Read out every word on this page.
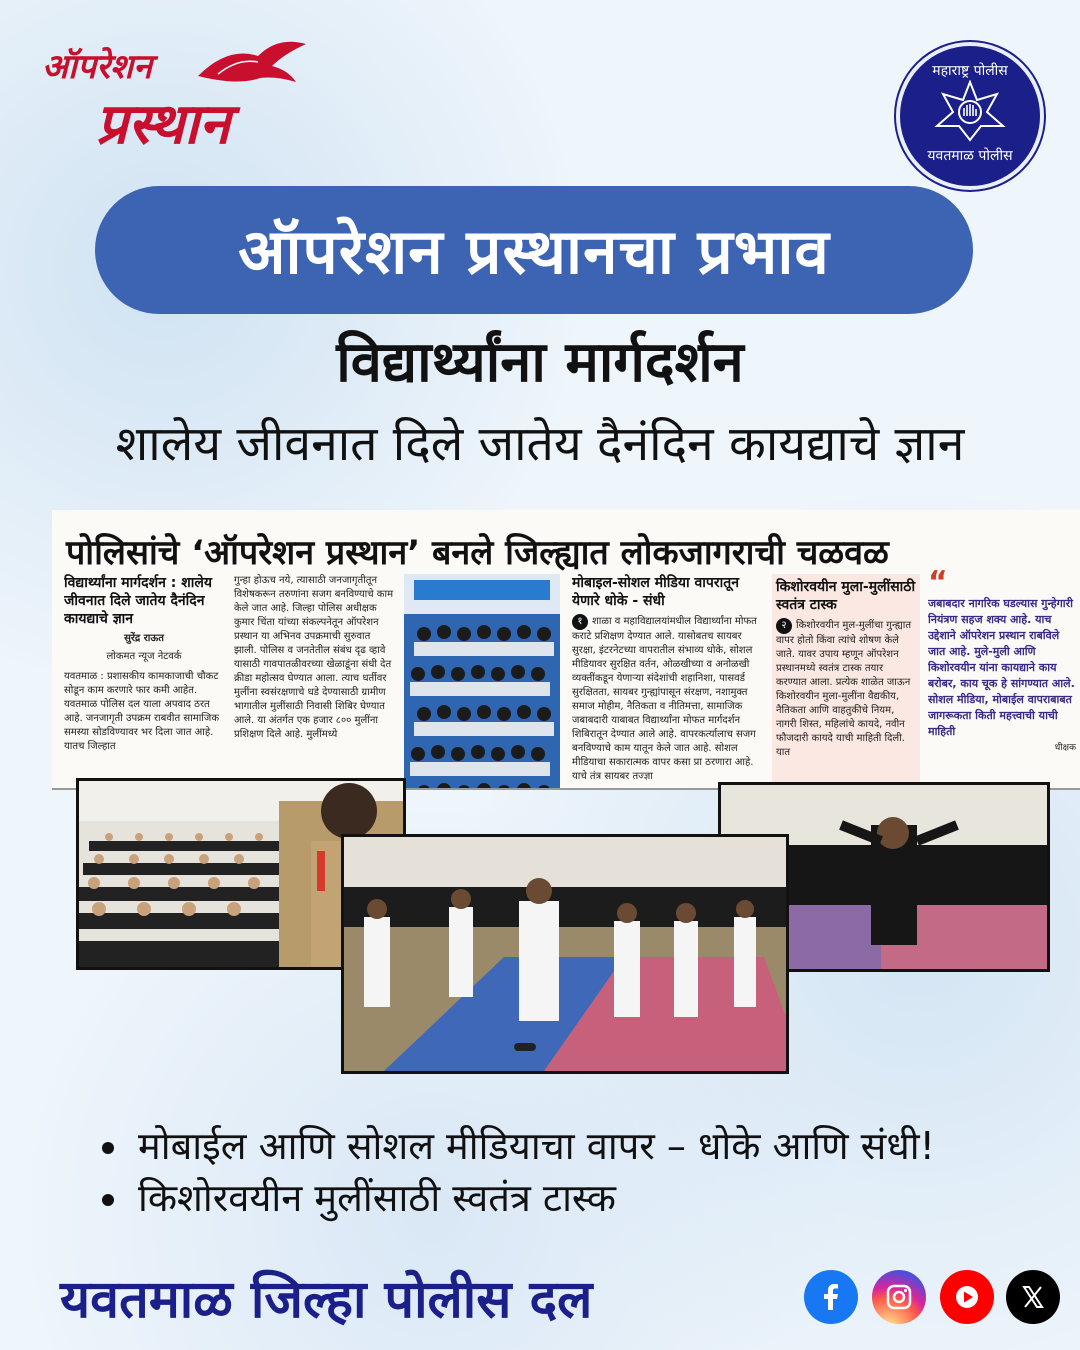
ऑपरेशन
प्रस्थान
महाराष्ट्र पोलीस
यवतमाळ पोलीस
ऑपरेशन प्रस्थानचा प्रभाव
विद्यार्थ्यांना मार्गदर्शन
शालेय जीवनात दिले जातेय दैनंदिन कायद्याचे ज्ञान
पोलिसांचे ‘ऑपरेशन प्रस्थान’ बनले जिल्ह्यात लोकजागराची चळवळ
विद्यार्थ्यांना मार्गदर्शन : शालेय जीवनात दिले जातेय दैनंदिन कायद्याचे ज्ञान
सुरेंद्र राऊत
लोकमत न्यूज नेटवर्क

यवतमाळ : प्रशासकीय कामकाजाची चौकट सोडून काम करणारे फार कमी आहेत. यवतमाळ पोलिस दल याला अपवाद ठरत आहे. जनजागृती उपक्रम राबवीत सामाजिक समस्या सोडविण्यावर भर दिला जात आहे. यातच जिल्हात

गुन्हा होऊच नये, त्यासाठी जनजागृतीतून विशेषकरून तरुणांना सजग बनविण्याचे काम केले जात आहे. जिल्हा पोलिस अधीक्षक कुमार चिंता यांच्या संकल्पनेतून ऑपरेशन प्रस्थान या अभिनव उपक्रमाची सुरुवात झाली. पोलिस व जनतेतील संबंध दृढ व्हावे यासाठी गावपातळीवरच्या खेळाडूंना संधी देत क्रीडा महोत्सव घेण्यात आला. त्याच धर्तीवर मुलींना स्वसंरक्षणाचे धडे देण्यासाठी ग्रामीण भागातील मुलींसाठी निवासी शिबिर घेण्यात आले. या अंतर्गत एक हजार ८०० मुलींना प्रशिक्षण दिले आहे. मुलींमध्ये

मोबाइल-सोशल मीडिया वापरातून येणारे धोके - संधी

१ शाळा व महाविद्यालयांमधील विद्यार्थ्यांना मोफत कराटे प्रशिक्षण देण्यात आले. यासोबतच सायबर सुरक्षा, इंटरनेटच्या वापरातील संभाव्य धोके, सोशल मीडियावर सुरक्षित वर्तन, ओळखीच्या व अनोळखी व्यक्तींकडून येणाऱ्या संदेशांची शहानिशा, पासवर्ड सुरक्षितता, सायबर गुन्ह्यांपासून संरक्षण, नशामुक्त समाज मोहीम, नैतिकता व नीतिमत्ता, सामाजिक जबाबदारी याबाबत विद्यार्थ्यांना मोफत मार्गदर्शन शिबिरातून देण्यात आले आहे. वापरकर्त्यालाच सजग बनविण्याचे काम यातून केले जात आहे. सोशल मीडियाचा सकारात्मक वापर कसा प्रा ठरणारा आहे. याचे तंत्र सायबर तज्ज्ञा

किशोरवयीन मुला-मुलींसाठी स्वतंत्र टास्क

२ किशोरवयीन मुल-मुलींचा गुन्ह्यात वापर होतो किंवा त्यांचे शोषण केले जाते. यावर उपाय म्हणून ऑपरेशन प्रस्थानमध्ये स्वतंत्र टास्क तयार करण्यात आला. प्रत्येक शाळेत जाऊन किशोरवयीन मुला-मुलींना वैद्यकीय, नैतिकता आणि वाहतुकीचे नियम, नागरी शिस्त, महिलांचे कायदे, नवीन फौजदारी कायदे याची माहिती दिली. यात

“

जबाबदार नागरिक घडल्यास गुन्हेगारी नियंत्रण सहज शक्य आहे. याच उद्देशाने ऑपरेशन प्रस्थान राबविले जात आहे. मुले-मुली आणि किशोरवयीन यांना कायद्याने काय बरोबर, काय चूक हे सांगण्यात आले. सोशल मीडिया, मोबाईल वापराबाबत जागरूकता किती महत्त्वाची याची माहिती

धीक्षक

मोबाईल आणि सोशल मीडियाचा वापर – धोके आणि संधी!
किशोरवयीन मुलींसाठी स्वतंत्र टास्क
यवतमाळ जिल्हा पोलीस दल
